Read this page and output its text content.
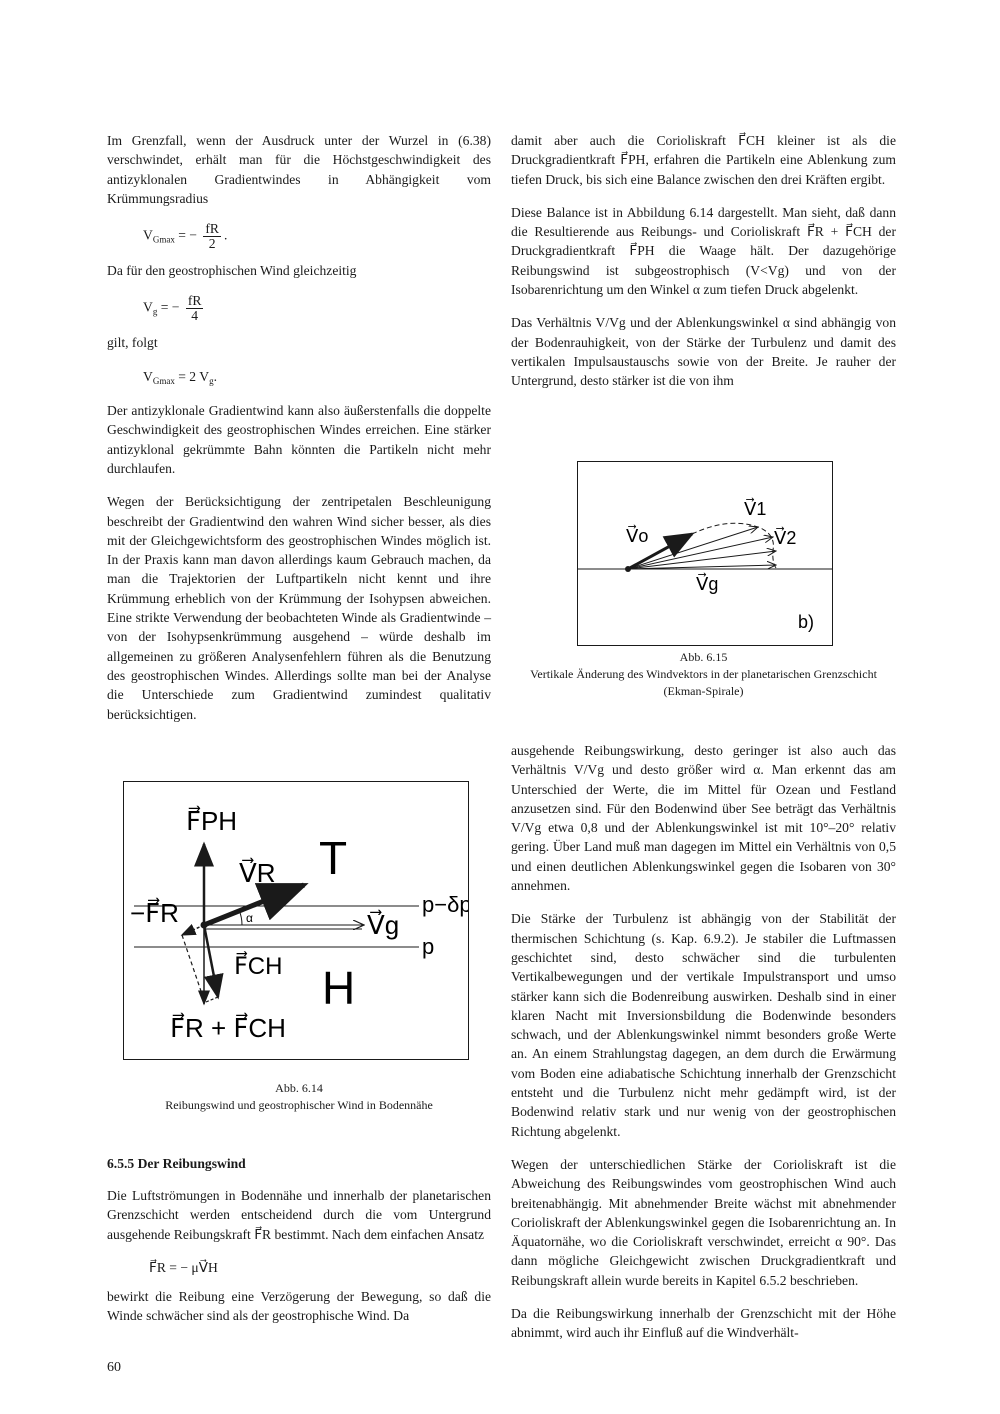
Im Grenzfall, wenn der Ausdruck unter der Wurzel in (6.38) verschwindet, erhält man für die Höchstgeschwindigkeit des antizyklonalen Gradientwindes in Abhängigkeit vom Krümmungsradius

$V_{Gmax}$ = − $\frac{fR}{2}$ .

Da für den geostrophischen Wind gleichzeitig

$V_g$ = − $\frac{fR}{4}$

gilt, folgt

$V_{Gmax} = 2$ $V_g$.

Der antizyklonale Gradientwind kann also äußerstenfalls die doppelte Geschwindigkeit des geostrophischen Windes erreichen. Eine stärker antizyklonal gekrümmte Bahn könnten die Partikeln nicht mehr durchlaufen.

Wegen der Berücksichtigung der zentripetalen Beschleunigung beschreibt der Gradientwind den wahren Wind sicher besser, als dies mit der Gleichgewichtsform des geostrophischen Windes möglich ist. In der Praxis kann man davon allerdings kaum Gebrauch machen, da man die Trajektorien der Luftpartikeln nicht kennt und ihre Krümmung erheblich von der Krümmung der Isohypsen abweichen. Eine strikte Verwendung der beobachteten Winde als Gradientwinde – von der Isohypsenkrümmung ausgehend – würde deshalb im allgemeinen zu größeren Analysenfehlern führen als die Benutzung des geostrophischen Windes. Allerdings sollte man bei der Analyse die Unterschiede zum Gradientwind zumindest qualitativ berücksichtigen.

F⃗PH
V⃗R T
−F⃗R	α	V⃗g
F⃗CH H
F⃗R + F⃗CH
p−δp
p
Abb. 6.14
Reibungswind und geostrophischer Wind in Bodennähe
6.5.5 Der Reibungswind

Die Luftströmungen in Bodennähe und innerhalb der planetarischen Grenzschicht werden entscheidend durch die vom Untergrund ausgehende Reibungskraft F⃗R bestimmt. Nach dem einfachen Ansatz

F⃗R = − μV⃗H

bewirkt die Reibung eine Verzögerung der Bewegung, so daß die Winde schwächer sind als der geostrophische Wind. Da

damit aber auch die Corioliskraft F⃗CH kleiner ist als die Druckgradientkraft F⃗PH, erfahren die Partikeln eine Ablenkung zum tiefen Druck, bis sich eine Balance zwischen den drei Kräften ergibt.

Diese Balance ist in Abbildung 6.14 dargestellt. Man sieht, daß dann die Resultierende aus Reibungs- und Corioliskraft F⃗R + F⃗CH der Druckgradientkraft F⃗PH die Waage hält. Der dazugehörige Reibungswind ist subgeostrophisch (V<Vg) und von der Isobarenrichtung um den Winkel α zum tiefen Druck abgelenkt.

Das Verhältnis V/Vg und der Ablenkungswinkel α sind abhängig von der Bodenrauhigkeit, von der Stärke der Turbulenz und damit des vertikalen Impulsaustauschs sowie von der Breite. Je rauher der Untergrund, desto stärker ist die von ihm

V⃗o
V⃗1
V⃗2
V⃗g
b)
Abb. 6.15
Vertikale Änderung des Windvektors in der planetarischen Grenzschicht (Ekman-Spirale)

ausgehende Reibungswirkung, desto geringer ist also auch das Verhältnis V/Vg und desto größer wird α. Man erkennt das am Unterschied der Werte, die im Mittel für Ozean und Festland anzusetzen sind. Für den Bodenwind über See beträgt das Verhältnis V/Vg etwa 0,8 und der Ablenkungswinkel ist mit 10°–20° relativ gering. Über Land muß man dagegen im Mittel ein Verhältnis von 0,5 und einen deutlichen Ablenkungswinkel gegen die Isobaren von 30° annehmen.

Die Stärke der Turbulenz ist abhängig von der Stabilität der thermischen Schichtung (s. Kap. 6.9.2). Je stabiler die Luftmassen geschichtet sind, desto schwächer sind die turbulenten Vertikalbewegungen und der vertikale Impulstransport und umso stärker kann sich die Bodenreibung auswirken. Deshalb sind in einer klaren Nacht mit Inversionsbildung die Bodenwinde besonders schwach, und der Ablenkungswinkel nimmt besonders große Werte an. An einem Strahlungstag dagegen, an dem durch die Erwärmung vom Boden eine adiabatische Schichtung innerhalb der Grenzschicht entsteht und die Turbulenz nicht mehr gedämpft wird, ist der Bodenwind relativ stark und nur wenig von der geostrophischen Richtung abgelenkt.

Wegen der unterschiedlichen Stärke der Corioliskraft ist die Abweichung des Reibungswindes vom geostrophischen Wind auch breitenabhängig. Mit abnehmender Breite wächst mit abnehmender Corioliskraft der Ablenkungswinkel gegen die Isobarenrichtung an. In Äquatornähe, wo die Corioliskraft verschwindet, erreicht α 90°. Das dann mögliche Gleichgewicht zwischen Druckgradientkraft und Reibungskraft allein wurde bereits in Kapitel 6.5.2 beschrieben.

Da die Reibungswirkung innerhalb der Grenzschicht mit der Höhe abnimmt, wird auch ihr Einfluß auf die Windverhält-

60
